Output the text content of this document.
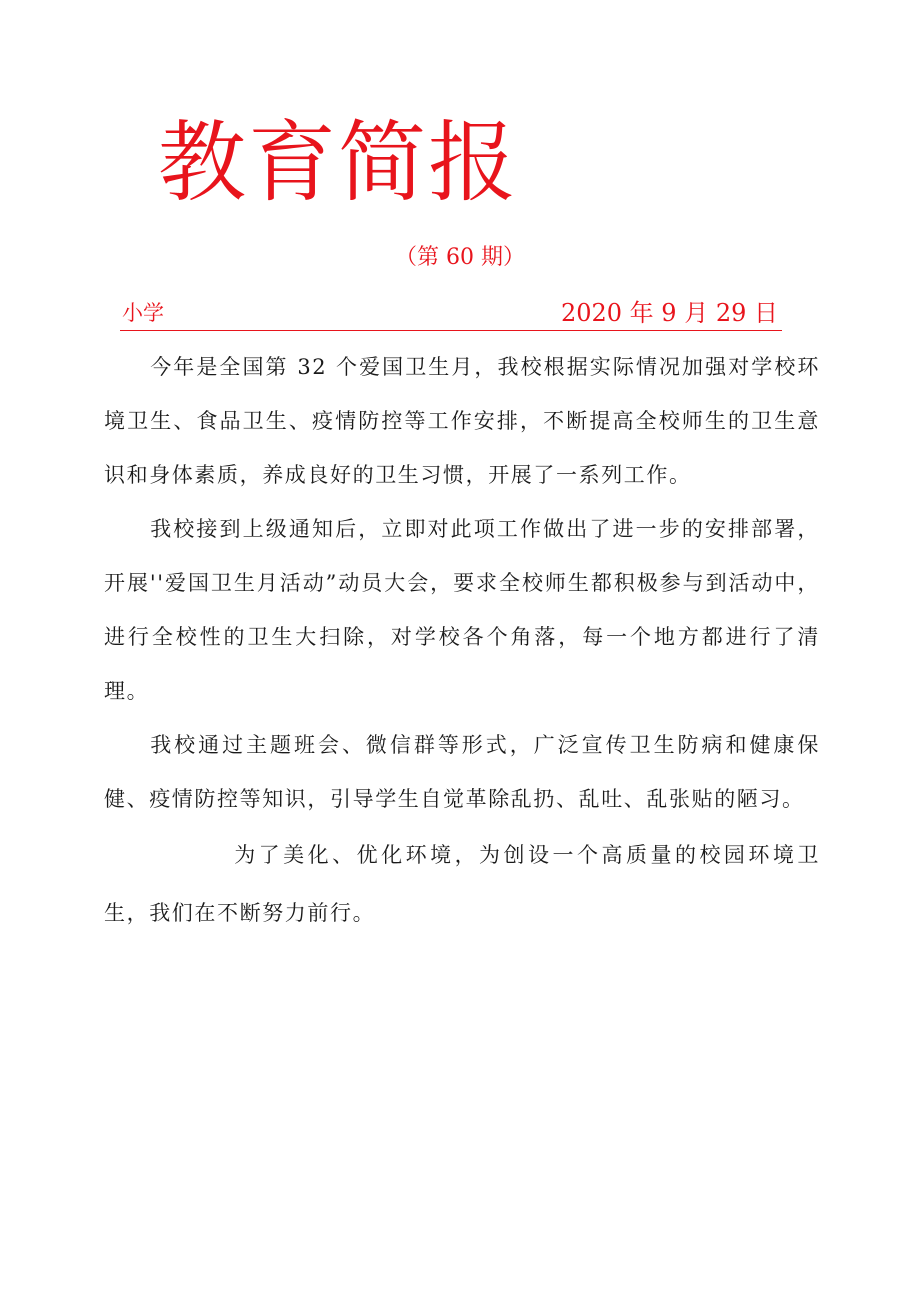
教育简报
（第 60 期）
小学	2020 年 9 月 29 日

今年是全国第 32 个爱国卫生月，我校根据实际情况加强对学校环境卫生、食品卫生、疫情防控等工作安排，不断提高全校师生的卫生意识和身体素质，养成良好的卫生习惯，开展了一系列工作。

我校接到上级通知后，立即对此项工作做出了进一步的安排部署，开展''爱国卫生月活动”动员大会，要求全校师生都积极参与到活动中，进行全校性的卫生大扫除，对学校各个角落，每一个地方都进行了清理。

我校通过主题班会、微信群等形式，广泛宣传卫生防病和健康保健、疫情防控等知识，引导学生自觉革除乱扔、乱吐、乱张贴的陋习。

为了美化、优化环境，为创设一个高质量的校园环境卫生，我们在不断努力前行。
